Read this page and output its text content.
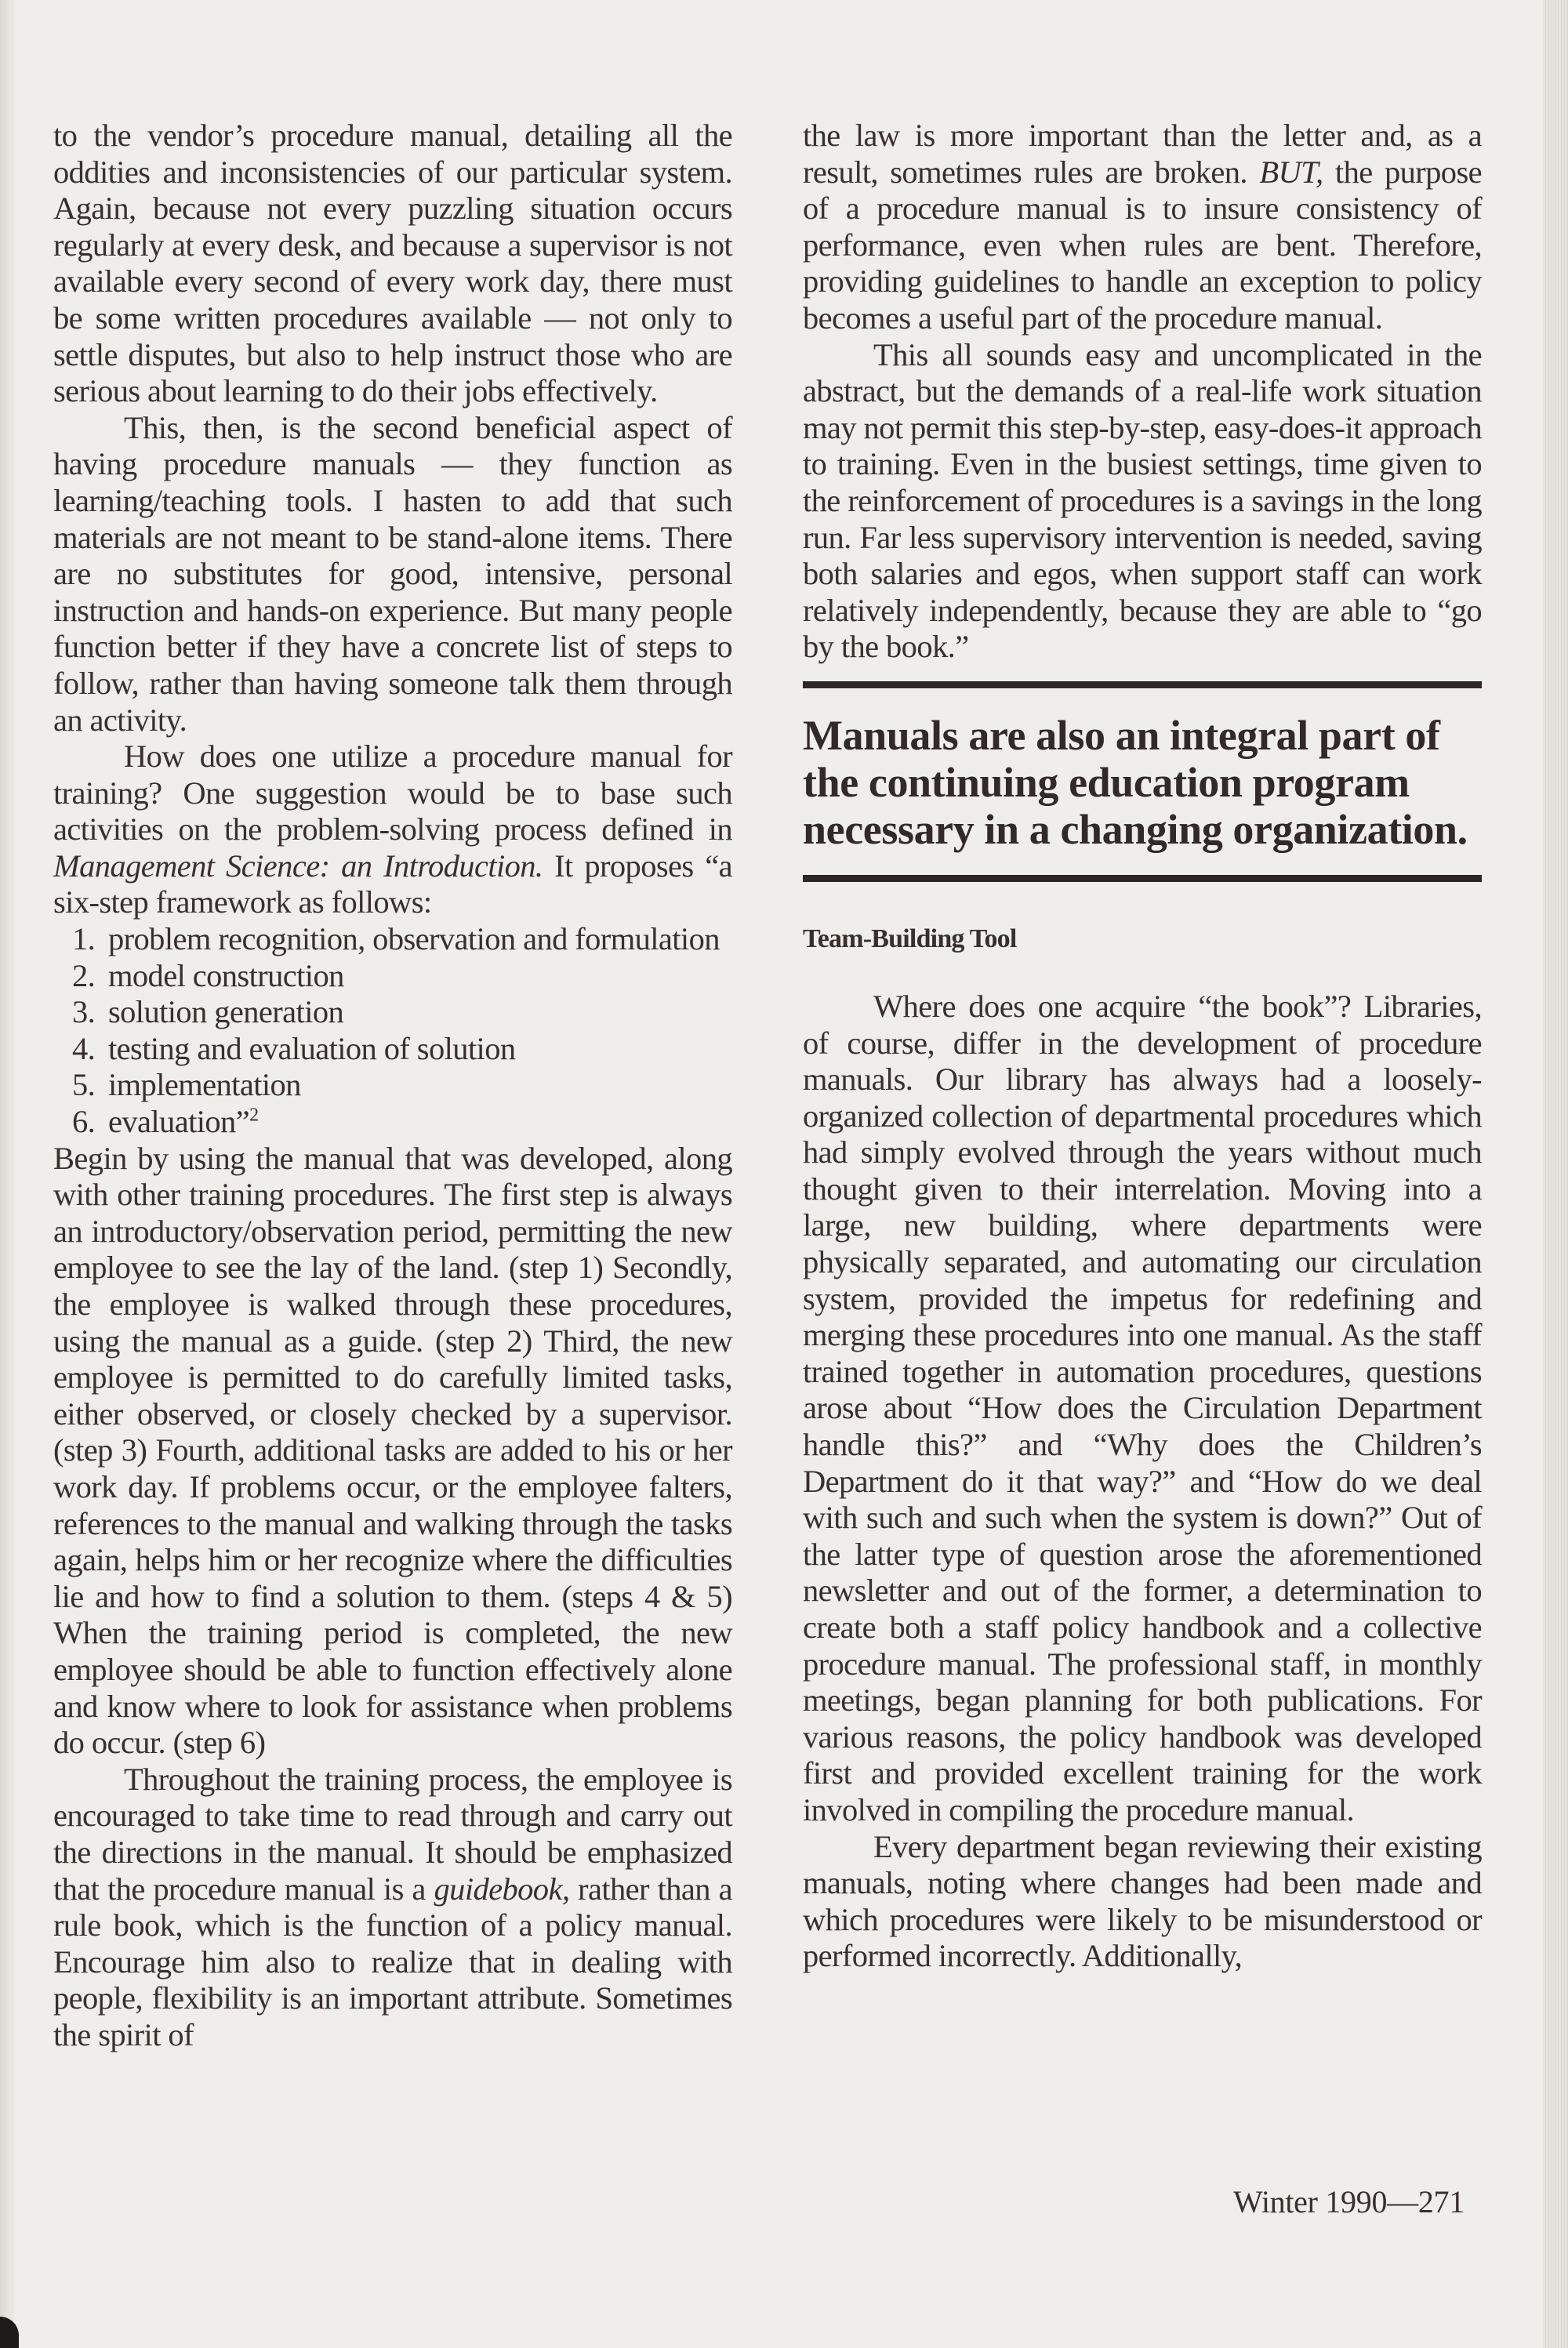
to the vendor’s procedure manual, detailing all the oddities and inconsistencies of our particular system. Again, because not every puzzling situation occurs regularly at every desk, and because a supervisor is not available every second of every work day, there must be some written procedures available — not only to settle disputes, but also to help instruct those who are serious about learning to do their jobs effectively.

This, then, is the second beneficial aspect of having procedure manuals — they function as learning/teaching tools. I hasten to add that such materials are not meant to be stand-alone items. There are no substitutes for good, intensive, personal instruction and hands-on experience. But many people function better if they have a concrete list of steps to follow, rather than having someone talk them through an activity.

How does one utilize a procedure manual for training? One suggestion would be to base such activities on the problem-solving process defined in Management Science: an Introduction. It proposes “a six-step framework as follows:

1. problem recognition, observation and formulation
2. model construction
3. solution generation
4. testing and evaluation of solution
5. implementation
6. evaluation”$^2$

Begin by using the manual that was developed, along with other training procedures. The first step is always an introductory/observation period, permitting the new employee to see the lay of the land. (step 1) Secondly, the employee is walked through these procedures, using the manual as a guide. (step 2) Third, the new employee is permitted to do carefully limited tasks, either observed, or closely checked by a supervisor. (step 3) Fourth, additional tasks are added to his or her work day. If problems occur, or the employee falters, references to the manual and walking through the tasks again, helps him or her recognize where the difficulties lie and how to find a solution to them. (steps 4 & 5) When the training period is completed, the new employee should be able to function effectively alone and know where to look for assistance when problems do occur. (step 6)

Throughout the training process, the employee is encouraged to take time to read through and carry out the directions in the manual. It should be emphasized that the procedure manual is a guidebook, rather than a rule book, which is the function of a policy manual. Encourage him also to realize that in dealing with people, flexibility is an important attribute. Sometimes the spirit of

the law is more important than the letter and, as a result, sometimes rules are broken. BUT, the purpose of a procedure manual is to insure consistency of performance, even when rules are bent. Therefore, providing guidelines to handle an exception to policy becomes a useful part of the procedure manual.

This all sounds easy and uncomplicated in the abstract, but the demands of a real-life work situation may not permit this step-by-step, easy-does-it approach to training. Even in the busiest settings, time given to the reinforcement of procedures is a savings in the long run. Far less supervisory intervention is needed, saving both salaries and egos, when support staff can work relatively independently, because they are able to “go by the book.”

Manuals are also an integral part of the continuing education program necessary in a changing organization.
Team-Building Tool

Where does one acquire “the book”? Libraries, of course, differ in the development of procedure manuals. Our library has always had a loosely-organized collection of departmental procedures which had simply evolved through the years without much thought given to their interrelation. Moving into a large, new building, where departments were physically separated, and automating our circulation system, provided the impetus for redefining and merging these procedures into one manual. As the staff trained together in automation procedures, questions arose about “How does the Circulation Department handle this?” and “Why does the Children’s Department do it that way?” and “How do we deal with such and such when the system is down?” Out of the latter type of question arose the aforementioned newsletter and out of the former, a determination to create both a staff policy handbook and a collective procedure manual. The professional staff, in monthly meetings, began planning for both publications. For various reasons, the policy handbook was developed first and provided excellent training for the work involved in compiling the procedure manual.

Every department began reviewing their existing manuals, noting where changes had been made and which procedures were likely to be misunderstood or performed incorrectly. Additionally,

Winter 1990—271
